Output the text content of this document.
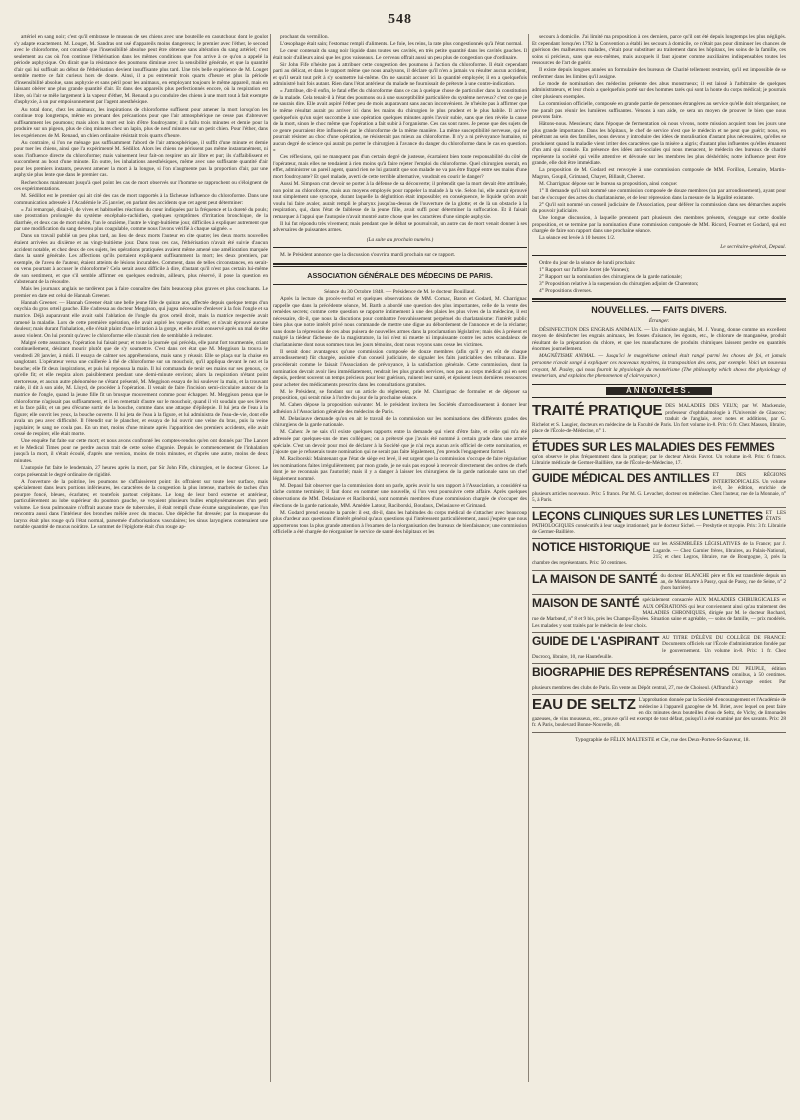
548

artériel en sang noir; c'est qu'il embrasse le museau de ses chiens avec une bouteille en caoutchouc dont le goulot s'y adapte exactement. M. Louget, M. Sandras ont usé d'appareils moins dangereux; le premier avec l'éther, le second avec le chloroforme, ont constaté que l'insensibilité absolue peut être obtenue sans altération du sang artériel; c'est seulement au cas où l'on continue l'éthérisation dans les mêmes conditions que l'on arrive à ce qu'on a appelé la période asphyxique. On dirait que la résistance des poumons diminue avec la sensibilité générale, et que la quantité d'air qui lui suffisait au début de l'éthérisation devient insuffisante plus tard. Une très belle expérience de M. Louget semble mettre ce fait curieux hors de doute. Ainsi, il a pu entretenir trois quarts d'heure et plus la période d'insensibilité absolue, sans asphyxie et sans péril pour les animaux, en employant toujours le même appareil, mais en laissant obérer une plus grande quantité d'air. Et dans des appareils plus perfectionnés encore, où la respiration est libre, où l'air se mêle largement à la vapeur d'éther, M. Renaud a pu conduire des chiens à une mort tout à fait exempte d'asphyxie, à un pur empoisonnement par l'agent anesthésique.

Au total donc, chez les animaux, les inspirations de chloroforme suffisent pour amener la mort lorsqu'on les continue trop longtemps, même en prenant des précautions pour que l'air atmosphérique ne cesse pas d'abreuver suffisamment les poumons; mais alors la mort est loin d'être foudroyante; il a fallu trois minutes et demie pour la produire sur un pigeon, plus de cinq minutes chez un lapin, plus de neuf minutes sur un petit chien. Pour l'éther, dans les expériences de M. Renaud, un chien ordinaire résistait trois quarts d'heure.

Au contraire, si l'on ne ménage pas suffisamment l'abord de l'air atmosphérique, il suffit d'une minute et demie pour tuer les chiens, ainsi que l'a expérimenté M. Sédillot. Alors les chiens ne périssent pas même instantanément, ni sous l'influence directe du chloroforme; mais vainement leur fait-on respirer un air libre et pur; ils s'affaiblissent et succombent au bout d'une minute. En outre, les inhalations anesthésiques, même avec une suffisante quantité d'air pour les premiers instants, peuvent amener la mort à la longue, si l'on n'augmente pas la proportion d'air, par une asphyxie plus lente que dans le premier cas.

Recherchons maintenant jusqu'à quel point les cas de mort observés sur l'homme se rapprochent ou s'éloignent de ces expérimentations.

M. Sédillot est le premier qui ait cité des cas de mort rapportés à la fâcheuse influence du chloroforme. Dans une communication adressée à l'Académie le 25 janvier, en parlant des accidents que cet agent peut déterminer:

« J'ai remarqué, disait-il, de vives et habituelles réactions du cœur indiquées par la fréquence et la dureté du pouls; une prostration prolongée du système encéphalo-rachidien, quelques symptômes d'irritation bronchique, de la diarrhée, et deux cas de mort subite, l'un le onzième, l'autre le vingt-huitième jour, difficiles à expliquer autrement que par une modification du sang devenu plus coagulable, comme nous l'avons vérifié à chaque saignée. »

Dans un travail publié un peu plus tard, au lieu de deux morts l'auteur en cite quatre; les deux morts nouvelles étaient arrivées au dixième et au vingt-huitième jour. Dans tous ces cas, l'éthérisation n'avait été suivie d'aucun accident notable, et chez deux de ces sujets, les opérations pratiquées avaient même amené une amélioration marquée dans la santé générale. Les affections qu'ils portaient expliquent suffisamment la mort; les deux premiers, par exemple, de l'aveu de l'auteur, étaient atteints de lésions incurables. Comment, dans de telles circonstances, en serait-on venu pourtant à accuser le chloroforme? Cela serait assez difficile à dire, d'autant qu'il n'est pas certain lui-même de son sentiment, et que s'il semble affirmer en quelques endroits, ailleurs, plus réservé, il pose la question en s'abstenant de la résoudre.

Mais les journaux anglais ne tardèrent pas à faire connaître des faits beaucoup plus graves et plus concluants. Le premier en date est celui de Hannah Greener.

Hannah Greener. — Hannah Greener était une belle jeune fille de quinze ans, affectée depuis quelque temps d'un onychia du gros orteil gauche. Elle s'adressa au docteur Meggison, qui jugea nécessaire d'enlever à la fois l'ongle et sa matrice. Déjà auparavant elle avait subi l'ablation de l'ongle du gros orteil droit, mais la matrice respectée avait ramené la maladie. Lors de cette première opération, elle avait aspiré les vapeurs d'éther, et n'avait éprouvé aucune douleur; mais durant l'inhalation, elle s'était plaint d'une irritation à la gorge, et elle avait conservé après un mal de tête assez violent. On lui promit qu'avec le chloroforme elle n'aurait rien de semblable à redouter.

Malgré cette assurance, l'opération lui faisait peur; et toute la journée qui précéda, elle parut fort tourmentée, criant continuellement, désirant mourir plutôt que de s'y soumettre. C'est dans cet état que M. Meggison la trouva le vendredi 28 janvier, à midi. Il essaya de calmer ses appréhensions, mais sans y réussir. Elle se plaça sur la chaise en sanglotant. L'opérateur versa une cuillerée à thé de chloroforme sur un mouchoir, qu'il appliqua devant le nez et la bouche; elle fit deux inspirations, et puis lui repoussa la main. Il lui commanda de tenir ses mains sur ses genoux, ce qu'elle fit; et elle respira alors paisiblement pendant une demi-minute environ; alors la respiration n'étant point stertoreuse, et aucun autre phénomène ne s'étant présenté, M. Meggison essaya de lui soulever la main, et la trouvant raide, il dit à son aide, M. Lloyd, de procéder à l'opération. Il venait de faire l'incision semi-circulaire autour de la matrice de l'ongle, quand la jeune fille fit un brusque mouvement comme pour échapper. M. Meggison pensa que le chloroforme n'agissait pas suffisamment, et il en remettait d'autre sur le mouchoir, quand il vit soudain que ses lèvres et la face pâlir, et un peu d'écume sortir de la bouche, comme dans une attaque d'épilepsie. Il lui jeta de l'eau à la figure; elle ouvrit les yeux, la bouche ouverte. Il lui jeta de l'eau à la figure, et lui administra de l'eau-de-vie, dont elle avala un peu avec difficulté. Il l'étendit sur le plancher, et essaya de lui ouvrir une veine du bras, puis la veine jugulaire; le sang ne coula pas. En un mot, moins d'une minute après l'apparition des premiers accidents, elle avait cessé de respirer, elle était morte.

Une enquête fut faite sur cette mort; et nous avons confronté les comptes-rendus qu'en ont donnés par The Lancet et le Medical Times pour ne perdre aucun trait de cette scène d'agonie. Depuis le commencement de l'inhalation jusqu'à la mort, il s'était écoulé, d'après une version, moins de trois minutes, et d'après une autre, moins de deux minutes.

L'autopsie fut faite le lendemain, 27 heures après la mort, par Sir John Fife, chirurgien, et le docteur Glover. Le corps présentait le degré ordinaire de rigidité.

A l'ouverture de la poitrine, les poumons ne s'affaissèrent point: ils offraient sur toute leur surface, mais spécialement dans leurs portions inférieures, les caractères de la congestion la plus intense, marbrés de taches d'un pourpre foncé, bleues, écarlates; et toutefois partout crépitans. Le long de leur bord externe et antérieur, particulièrement au lobe supérieur du poumon gauche, se voyaient plusieurs bulles emphysémateuses d'un petit volume. Le tissu pulmonaire n'offrait aucune trace de tubercules, il était rempli d'une écume sanguinolente, que l'on rencontra aussi dans l'intérieur des bronches mêlée avec du mucus. Une dépêche fut dressée; par la muqueuse du larynx était plus rouge qu'à l'état normal, parsemée d'arborisations vasculaires; les sinus laryngiens contenaient une notable quantité de mucus noirâtre. Le sommet de l'épiglotte était d'un rouge ap-

prochant du vermillon.

L'œsophage était sain; l'estomac rempli d'aliments. Le foie, les reins, la rate plus congestionnés qu'à l'état normal.

Le cœur contenait du sang noir liquide dans toutes ses cavités, en très petite quantité dans les cavités gauches. Il était noir d'ailleurs ainsi que les gros vaisseaux. Le cerveau offrait aussi un peu plus de congestion que d'ordinaire.

Sir John Fife n'hésite pas à attribuer cette congestion des poumons à l'action du chloroforme. Il était cependant parti au délicat, et dans le rapport même que nous analysons, il déclare qu'il n'en a jamais vu résulter aucun accident, et qu'il serait tout prêt à s'y soumettre lui-même. On ne saurait accuser ici la quantité employée; il en a quelquefois administré huit fois autant. Rien dans l'état antérieur du malade ne fournissait de prétexte à une contre-indication.

« J'attribue, dit-il enfin, le fatal effet du chloroforme dans ce cas à quelque chose de particulier dans la constitution de la malade. Cela tenait-il à l'état des poumons ou à une susceptibilité particulière du système nerveux? c'est ce que je ne saurais dire. Elle avait aspiré l'éther peu de mois auparavant sans aucun inconvénient. Je n'hésite pas à affirmer que le même résultat aurait pu arriver ici dans les mains du chirurgien le plus prudent et le plus habile. Il arrive quelquefois qu'un sujet succombe à une opération quelques minutes après l'avoir subie, sans que rien révèle la cause de la mort, sinon le choc même que l'opération a fait subir à l'organisme. Ces cas sont rares. Je pense que des sujets de ce genre pourraient être influencés par le chloroforme de la même manière. La même susceptibilité nerveuse, qui ne pourrait résister au choc d'une opération, ne résisterait pas mieux au chloroforme. Il n'y a ni prévoyance humaine, ni aucun degré de science qui aurait pu porter le chirurgien à l'avance du danger du chloroforme dans le cas en question. »

Ces réflexions, qui ne manquent pas d'un certain degré de justesse, écartaient bien toute responsabilité du côté de l'opérateur, mais elles ne tendaient à rien moins qu'à faire rejeter l'emploi du chloroforme. Quel chirurgien oserait, en effet, administrer un pareil agent, quand rien ne lui garantit que son malade ne va pas être frappé entre ses mains d'une mort foudroyante? Et quel malade, averti de cette terrible alternative, voudrait en courir le danger?

Aussi M. Simpson crut devoir se porter à la défense de sa découverte; il prétendit que la mort devait être attribuée, non point au chloroforme, mais aux moyens employés pour rappeler la malade à la vie. Selon lui, elle aurait éprouvé tout simplement une syncope, durant laquelle la déglutition était impossible; en conséquence, le liquide qu'on avait voulu lui faire avaler, aurait rempli le pharynx jusqu'au-dessus de l'ouverture de la glotte; et de là un obstacle à la respiration, qui, dans l'état de faiblesse de la jeune fille, avait suffi pour déterminer la suffocation. Et il faisait remarquer à l'appui que l'autopsie n'avait montré autre chose que les caractères d'une simple asphyxie.

Il lui fut répondu très vivement; mais pendant que le débat se poursuivait, un autre cas de mort venait donner à ses adversaires de puissantes armes.

(La suite au prochain numéro.)

M. le Président annonce que la discussion s'ouvrira mardi prochain sur ce rapport.

ASSOCIATION GÉNÉRALE DES MÉDECINS DE PARIS.

Séance du 30 Octobre 1848. — Présidence de M. le docteur Bouillaud.

Après la lecture du procès-verbal et quelques observations de MM. Cornac, Baron et Godard, M. Charrignac rappelle que dans la précédente séance, M. Barth a abordé une question des plus importantes, celle de la vente des remèdes secrets; comme cette question se rapporte intimement à une des plaies les plus vives de la médecine, il est nécessaire, dit-il, que nous la discutions pour combattre l'envahissement perpétuel du charlatanisme: l'intérêt public bien plus que notre intérêt privé nous commande de mettre une digue au débordement de l'annonce et de la réclame; sans doute la répression de ces abus puisera de nouvelles armes dans la proclamation législative; mais dès à présent et malgré la tiédeur fâcheuse de la magistrature, la loi n'est ni muette ni impuissante contre les actes scandaleux de charlatanisme dont nous sommes tous les jours témoins, dont nous voyons sans cesse les victimes.

Il serait donc avantageux qu'une commission composée de douze membres (afin qu'il y en eût de chaque arrondissement) fût chargée, assistée d'un conseil judiciaire, de signaler les faits justiciables des tribunaux. Elle procéderait comme le faisait l'Association de prévoyance, à la satisfaction générale. Cette commission, dont la nomination devrait avoir lieu immédiatement, rendrait les plus grands services, non pas au corps médical qui en sent depuis, perdent souvent un temps précieux pour leur guérison, ruinent leur santé, et épuisent leurs dernières ressources pour acheter des médicaments prescrits dans les consultations gratuites.

M. le Président, se fondant sur un article du règlement, prie M. Charrignac de formuler et de déposer sa proposition, qui serait mise à l'ordre du jour de la prochaine séance.

M. Cahen dépose la proposition suivante: M. le président invitera les Sociétés d'arrondissement à donner leur adhésion à l'Association générale des médecins de Paris.

M. Delasiauve demande qu'on en ait le travail de la commission sur les nominations des différents grades des chirurgiens de la garde nationale.

M. Cahen: Je ne sais s'il existe quelques rapports entre la demande qui vient d'être faite, et celle qui m'a été adressée par quelques-uns de mes collègues; on a prétexté que j'avais été nommé à certain grade dans une armée spéciale. C'est un devoir pour moi de déclarer à la Société que je n'ai reçu aucun avis officiel de cette nomination, et j'ajoute que je refuserais toute nomination qui ne serait pas faite légalement, j'en prends l'engagement formel.

M. Raciborski: Maintenant que l'état de siège est levé, il est urgent que la commission s'occupe de faire régulariser les nominations faites irrégulièrement; par mon grade, je ne suis pas exposé à recevoir directement des ordres de chefs dont je ne reconnais pas l'autorité; mais il y a danger à laisser les chirurgiens de la garde nationale sans un chef légalement nommé.

M. Depaul fait observer que la commission dont on parle, après avoir lu son rapport à l'Association, a considéré sa tâche comme terminée; il faut donc en nommer une nouvelle, si l'on veut poursuivre cette affaire. Après quelques observations de MM. Delasiauve et Raciborski, sont nommés membres d'une commission chargée de s'occuper des élections de la garde nationale, MM. Amédée Latour, Raciborski, Boudaux, Delasiauve et Grimaud.

M. Godard prend ensuite la parole: il est, dit-il, dans les habitudes du corps médical de s'attacher avec beaucoup plus d'ardeur aux questions d'intérêt général qu'aux questions qui l'intéressent particulièrement, aussi j'espère que nous apporterons tous la plus grande attention à l'examen de la réorganisation des bureaux de bienfaisance; une commission officielle a été chargée de réorganiser le service de santé des hôpitaux et les

secours à domicile. J'ai limité ma proposition à ces derniers, parce qu'il ont été depuis longtemps les plus négligés. Et cependant lorsqu'en 1792 la Convention a établi les secours à domicile, ce n'était pas pour diminuer les chances de guérison des malheureux malades, c'était pour substituer au traitement dans les hôpitaux, les soins de la famille, ces soins si précieux, sans que eux-mêmes, mais auxquels il faut ajouter comme auxiliaires indispensables toutes les ressources de l'art de guérir.

Il existe depuis longues années un formulaire des bureaux de Charité tellement restreint, qu'il est impossible de se renfermer dans les limites qu'il assigne.

Le mode de nomination des médecins présente des abus monstrueux; il est laissé à l'arbitraire de quelques administrateurs, et leur choix a quelquefois porté sur des hommes tarés qui sont la honte du corps médical; je pourrais citer plusieurs exemples.

La commission officielle, composée en grande partie de personnes étrangères au service qu'elle doit réorganiser, ne me paraît pas réunir les lumières suffisantes. Venons à son aide, ce sera un moyen de prouver le bien que nous pouvons faire.

Hâtons-nous. Messieurs; dans l'époque de fermentation où nous vivons, notre mission acquiert tous les jours une plus grande importance. Dans les hôpitaux, le chef de service n'est que le médecin et ne peut que guérir; nous, en pénétrant au sein des familles, nous devons y introduire des idées de moralisation d'autant plus nécessaires, qu'elles se produisent quand la maladie vient irriter des caractères que la misère a aigris; d'autant plus influentes qu'elles émanent d'un ami qui console. En présence des idées anti-sociales qui nous menacent, le médecin des bureaux de charité représente la société qui veille attentive et dévouée sur les membres les plus déshérités; notre influence peut être grande, elle doit être immédiate.

La proposition de M. Godard est renvoyée à une commission composée de MM. Forillon, Lemaire, Martin-Magron, Goupil, Grimaud, Chayet, Billault, Cherest.

M. Charrignac dépose sur le bureau sa proposition, ainsi conçue:

1° Il demande qu'il soit nommé une commission composée de douze membres (un par arrondissement), ayant pour but de s'occuper des actes du charlatanisme, et de leur répression dans la mesure de la légalité existante.

2° Qu'il soit nommé un conseil judiciaire de l'Association, pour déférer la commission dans ses démarches auprès du pouvoir judiciaire.

Une longue discussion, à laquelle prennent part plusieurs des membres présents, s'engage sur cette double proposition, et se termine par la nomination d'une commission composée de MM. Ricord, Fournet et Godard, qui est chargée de faire son rapport dans une prochaine séance.

La séance est levée à 10 heures 1/2.

Le secrétaire-général, Depaul.

Ordre du jour de la séance de lundi prochain:

1° Rapport sur l'affaire Jorret (de Vannes);

2° Rapport sur la nomination des chirurgiens de la garde nationale;

3° Proposition relative à la suspension du chirurgien adjoint de Charenton;

4° Propositions diverses.

NOUVELLES. — FAITS DIVERS.
Étranger.

DÉSINFECTION DES ENGRAIS ANIMAUX. — Un chimiste anglais, M. J. Young, donne comme un excellent moyen de désinfecter les engrais animaux, les fosses d'aisance, les égouts, etc., le chlorure de manganèse, produit résultant de la préparation du chlore, et que les manufactures de produits chimiques laissent perdre en quantités énormes journellement.

MAGNÉTISME ANIMAL. — Jusqu'ici le magnétisme animal était rangé parmi les choses de foi, et jamais personne n'avait songé à expliquer ces nouveaux mystères, la transposition des sens, par exemple. Voici un nouveau croyant, M. Pasley, qui nous fournit la physiologie du mesmérisme (The philosophy which shows the physiology of mesmerism, and explains the phenomenon of clairvoyance.)

ANNONCES.
TRAITÉ PRATIQUE DES MALADIES DES YEUX; par W. Mackenzie, professeur d'ophthalmologie à l'Université de Glascow; traduit de l'anglais, avec notes et additions, par G. Richelot et S. Laugier, docteurs en médecine de la Faculté de Paris. Un fort volume in-8. Prix: 6 fr. Chez Masson, libraire, place de l'École-de-Médecine, n° 1.
ÉTUDES SUR LES MALADIES DES FEMMES
qu'on observe le plus fréquemment dans la pratique; par le docteur Alexis Favrot. Un volume in-8. Prix: 6 francs. Librairie médicale de Germer-Baillière, rue de l'École-de-Médecine, 17.
GUIDE MÉDICAL DES ANTILLES ET DES RÉGIONS INTERTROPICALES. Un volume in-8, 3e édition, enrichie de plusieurs articles nouveaux. Prix: 5 francs. Par M. G. Levacher, docteur en médecine. Chez l'auteur, rue de la Monnaie, n° 5, à Paris.
LEÇONS CLINIQUES SUR LES LUNETTES ET LES ÉTATS PATHOLOGIQUES consécutifs à leur usage irrationnel; par le docteur Sichel. — Presbytie et myopie. Prix: 3 fr. Librairie de Germer-Baillière.
NOTICE HISTORIQUE sur les ASSEMBLÉES LÉGISLATIVES de la France; par J. Lagarde. — Chez Garnier frères, libraires, au Palais-National, 215; et chez Legros, libraire, rue de Bourgogne, 3, près la chambre des représentants. Prix: 50 centimes.
LA MAISON DE SANTÉ du docteur BLANCHE père et fils est transférée depuis un an, de Montmartre à Passy, quai de Passy, rue de Seine, n° 2 (hors barrière).
MAISON DE SANTÉ spécialement consacrée AUX MALADIES CHIRURGICALES et AUX OPÉRATIONS qui leur conviennent ainsi qu'au traitement des MALADIES CHRONIQUES, dirigée par M. le docteur Rochard, rue de Marbœuf, n° 8 et 9 bis, près les Champs-Élysées. Situation saine et agréable, — soins de famille, — prix modérés. Les malades y sont traités par le médecin de leur choix.
GUIDE DE L'ASPIRANT AU TITRE D'ÉLÈVE DU COLLÈGE DE FRANCE: Documents officiels sur l'École d'administration fondée par le gouvernement. Un volume in-8. Prix: 1 fr. Chez Ducrocq, libraire, 10, rue Hautefeuille.
BIOGRAPHIE DES REPRÉSENTANS DU PEUPLE, édition omnibus, à 50 centimes. L'ouvrage entier. Par plusieurs membres des clubs de Paris. En vente au Dépôt central, 27, rue de Choiseul. (Affranchir.)
EAU DE SELTZ L'approbation donnée par la Société d'encouragement et l'Académie de médecine à l'appareil gazogène de M. Briet, avec lequel on peut faire en dix minutes deux bouteilles d'eau de Seltz, de Vichy, de limonades gazeuses, de vins mousseux, etc., prouve qu'il est exempt de tout défaut, puisqu'il a été examiné par des savants. Prix: 28 fr. A Paris, boulevard Bonne-Nouvelle, 40.

Typographie de FÉLIX MALTESTE et Cie, rue des Deux-Portes-St-Sauveur, 18.
